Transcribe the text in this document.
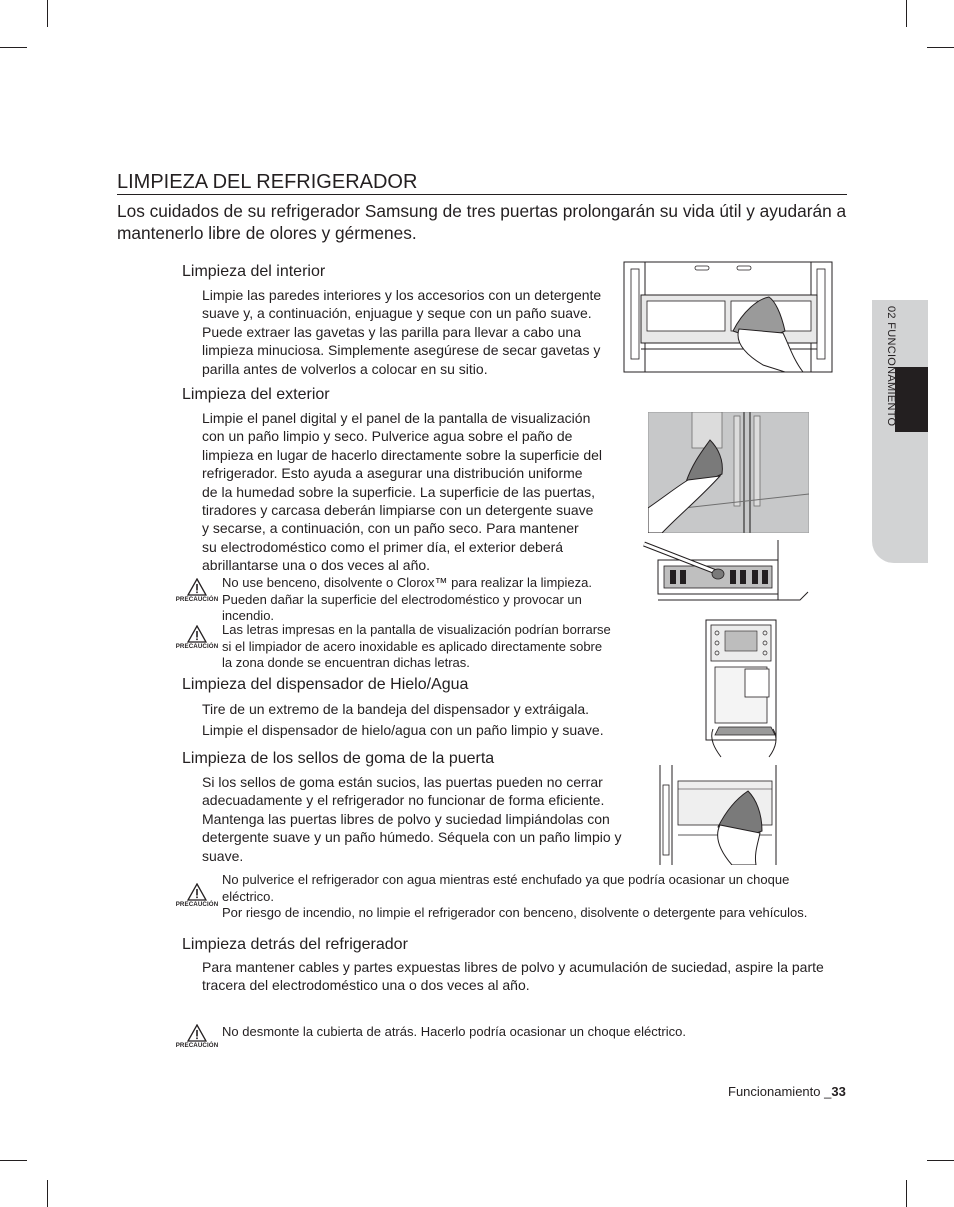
02 FUNCIONAMIENTO
LIMPIEZA DEL REFRIGERADOR
Los cuidados de su refrigerador Samsung de tres puertas prolongarán su vida útil y ayudarán a mantenerlo libre de olores y gérmenes.
Limpieza del interior
Limpie las paredes interiores y los accesorios con un detergente
suave y, a continuación, enjuague y seque con un paño suave.
Puede extraer las gavetas y las parilla para llevar a cabo una
limpieza minuciosa. Simplemente asegúrese de secar gavetas y
parilla antes de volverlos a colocar en su sitio.
Limpieza del exterior
Limpie el panel digital y el panel de la pantalla de visualización
con un paño limpio y seco. Pulverice agua sobre el paño de
limpieza en lugar de hacerlo directamente sobre la superficie del
refrigerador. Esto ayuda a asegurar una distribución uniforme
de la humedad sobre la superficie. La superficie de las puertas,
tiradores y carcasa deberán limpiarse con un detergente suave
y secarse, a continuación, con un paño seco. Para mantener
su electrodoméstico como el primer día, el exterior deberá
abrillantarse una o dos veces al año.
PRECAUCIÓN
No use benceno, disolvente o Clorox™ para realizar la limpieza.
Pueden dañar la superficie del electrodoméstico y provocar un
incendio.
PRECAUCIÓN
Las letras impresas en la pantalla de visualización podrían borrarse
si el limpiador de acero inoxidable es aplicado directamente sobre
la zona donde se encuentran dichas letras.
Limpieza del dispensador de Hielo/Agua
Tire de un extremo de la bandeja del dispensador y extráigala.
Limpie el dispensador de hielo/agua con un paño limpio y suave.
Limpieza de los sellos de goma de la puerta
Si los sellos de goma están sucios, las puertas pueden no cerrar
adecuadamente y el refrigerador no funcionar de forma eficiente.
Mantenga las puertas libres de polvo y suciedad limpiándolas con
detergente suave y un paño húmedo. Séquela con un paño limpio y
suave.
PRECAUCIÓN
No pulverice el refrigerador con agua mientras esté enchufado ya que podría ocasionar un choque
eléctrico.
Por riesgo de incendio, no limpie el refrigerador con benceno, disolvente o detergente para vehículos.
Limpieza detrás del refrigerador
Para mantener cables y partes expuestas libres de polvo y acumulación de suciedad, aspire la parte
tracera del electrodoméstico una o dos veces al año.
PRECAUCIÓN
No desmonte la cubierta de atrás. Hacerlo podría ocasionar un choque eléctrico.
Funcionamiento _33
